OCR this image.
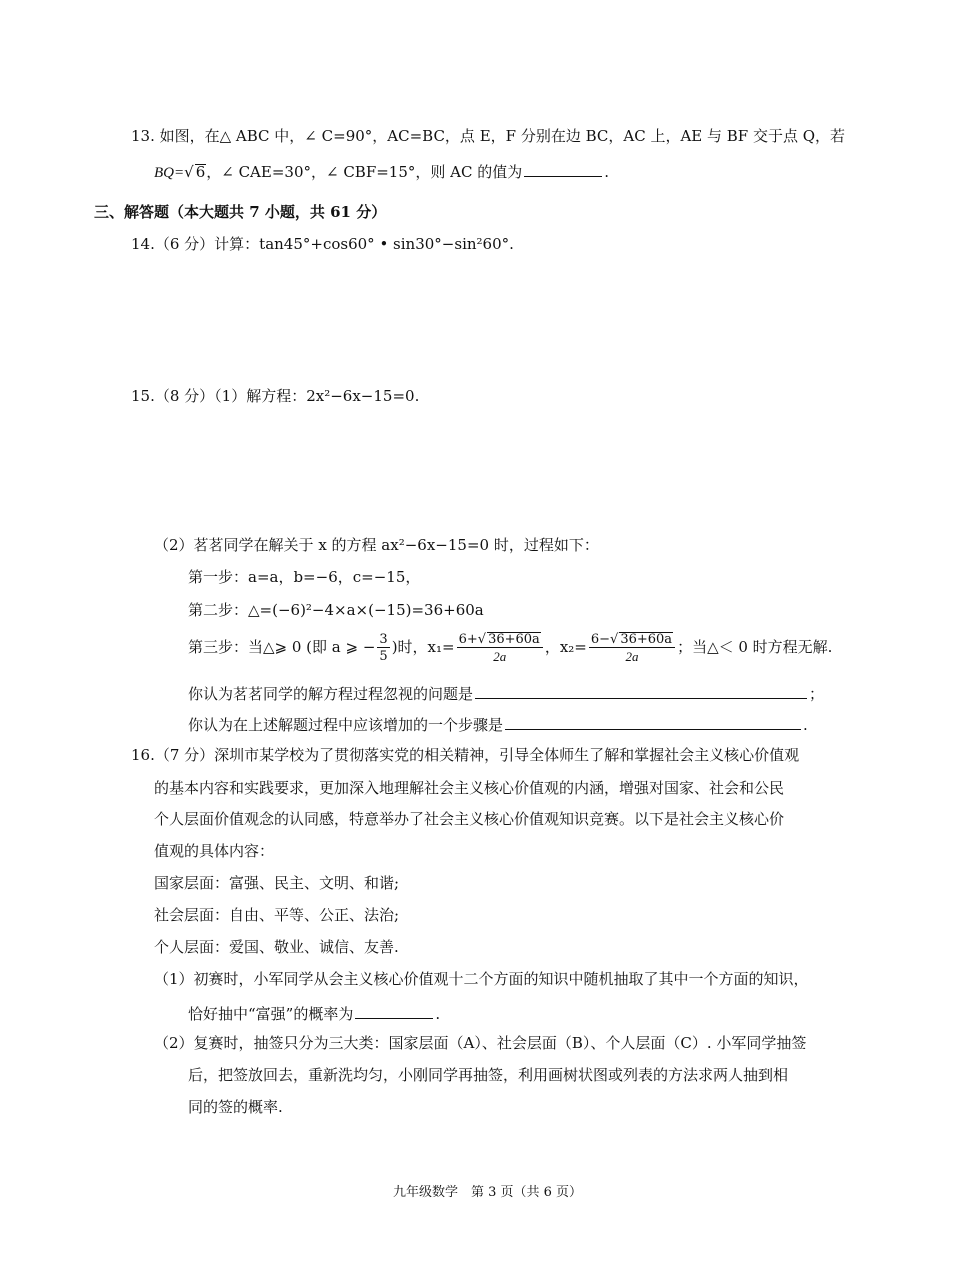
13. 如图，在△ ABC 中，∠ C=90°，AC=BC，点 E，F 分别在边 BC，AC 上，AE 与 BF 交于点 Q，若
BQ=√ 6，∠ CAE=30°，∠ CBF=15°，则 AC 的值为	.
三、解答题（本大题共 7 小题，共 61 分）
14.（6 分）计算：tan45°+cos60° • sin30°−sin²60°.
15.（8 分）（1）解方程：2x²−6x−15=0.
（2）茗茗同学在解关于 x 的方程 ax²−6x−15=0 时，过程如下：
第一步：a=a，b=−6，c=−15，
第二步：△=(−6)²−4×a×(−15)=36+60a
第三步：当△⩾ 0 (即 a ⩾ − $\frac{3}{5}$ )时，$x_1= \frac{6+√ 36+60a}{2a}$ ，$x_2= \frac{6-√ 36+60a}{2a}$ ；当△＜ 0 时方程无解.
你认为茗茗同学的解方程过程忽视的问题是	；
你认为在上述解题过程中应该增加的一个步骤是	.
16.（7 分）深圳市某学校为了贯彻落实党的相关精神，引导全体师生了解和掌握社会主义核心价值观
的基本内容和实践要求，更加深入地理解社会主义核心价值观的内涵，增强对国家、社会和公民
个人层面价值观念的认同感，特意举办了社会主义核心价值观知识竞赛。以下是社会主义核心价
值观的具体内容：
国家层面：富强、民主、文明、和谐;
社会层面：自由、平等、公正、法治;
个人层面：爱国、敬业、诚信、友善.
（1）初赛时，小军同学从会主义核心价值观十二个方面的知识中随机抽取了其中一个方面的知识，
恰好抽中“富强”的概率为	.
（2）复赛时，抽签只分为三大类：国家层面（A）、社会层面（B）、个人层面（C）. 小军同学抽签
后，把签放回去，重新洗均匀，小刚同学再抽签，利用画树状图或列表的方法求两人抽到相
同的签的概率.
九年级数学　第 3 页（共 6 页）
